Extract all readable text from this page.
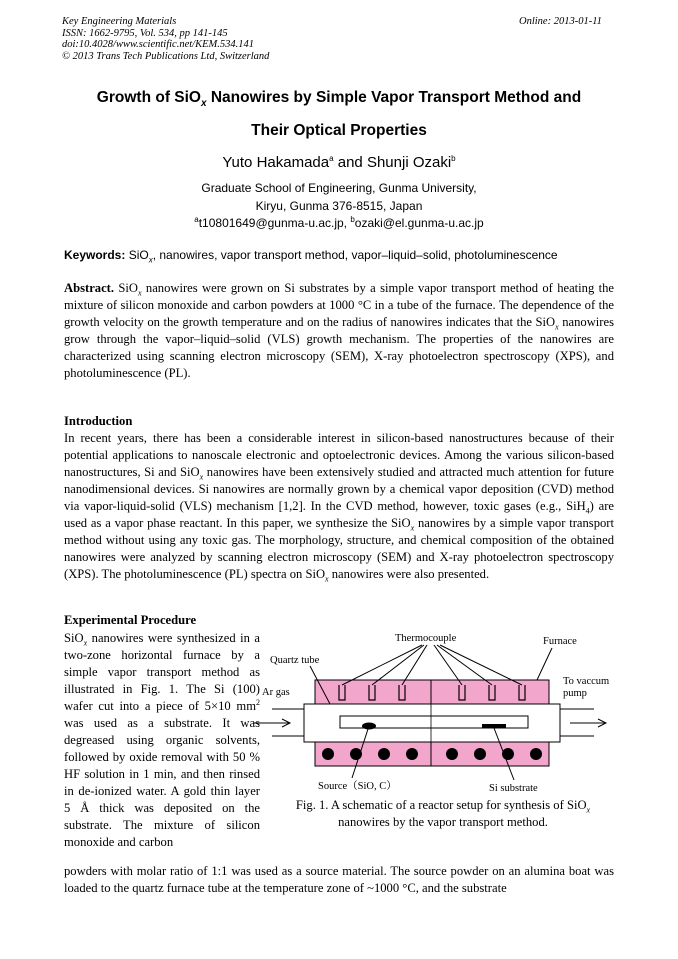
Key Engineering Materials
ISSN: 1662-9795, Vol. 534, pp 141-145
doi:10.4028/www.scientific.net/KEM.534.141
© 2013 Trans Tech Publications Ltd, Switzerland
Online: 2013-01-11
Growth of SiO$_x$ Nanowires by Simple Vapor Transport Method and
Their Optical Properties
Yuto Hakamada$^a$ and Shunji Ozaki$^b$
Graduate School of Engineering, Gunma University,
Kiryu, Gunma 376-8515, Japan
$^a$t10801649@gunma-u.ac.jp, $^b$ozaki@el.gunma-u.ac.jp
Keywords: SiO$_x$, nanowires, vapor transport method, vapor–liquid–solid, photoluminescence
Abstract. SiO$_x$ nanowires were grown on Si substrates by a simple vapor transport method of heating the mixture of silicon monoxide and carbon powders at 1000 °C in a tube of the furnace. The dependence of the growth velocity on the growth temperature and on the radius of nanowires indicates that the SiO$_x$ nanowires grow through the vapor–liquid–solid (VLS) growth mechanism. The properties of the nanowires are characterized using scanning electron microscopy (SEM), X-ray photoelectron spectroscopy (XPS), and photoluminescence (PL).
Introduction
In recent years, there has been a considerable interest in silicon-based nanostructures because of their potential applications to nanoscale electronic and optoelectronic devices. Among the various silicon-based nanostructures, Si and SiO$_x$ nanowires have been extensively studied and attracted much attention for future nanodimensional devices. Si nanowires are normally grown by a chemical vapor deposition (CVD) method via vapor-liquid-solid (VLS) mechanism [1,2]. In the CVD method, however, toxic gases (e.g., SiH$_4$) are used as a vapor phase reactant. In this paper, we synthesize the SiO$_x$ nanowires by a simple vapor transport method without using any toxic gas. The morphology, structure, and chemical composition of the obtained nanowires were analyzed by scanning electron microscopy (SEM) and X-ray photoelectron spectroscopy (XPS). The photoluminescence (PL) spectra on SiO$_x$ nanowires were also presented.
Experimental Procedure
SiO$_x$ nanowires were synthesized in a two-zone horizontal furnace by a simple vapor transport method as illustrated in Fig. 1. The Si (100) wafer cut into a piece of 5×10 $mm^2$ was used as a substrate. It was degreased using organic solvents, followed by oxide removal with 50 % HF solution in 1 min, and then rinsed in de-ionized water. A gold thin layer 5 Å thick was deposited on the substrate. The mixture of silicon monoxide and carbon
powders with molar ratio of 1:1 was used as a source material. The source powder on an alumina boat was loaded to the quartz furnace tube at the temperature zone of ~1000 °C, and the substrate
Thermocouple	Furnace
Quartz tube
Ar gas
To vaccum
pump
Source（SiO, C）	Si substrate
Fig. 1. A schematic of a reactor setup for synthesis of SiO$_x$ nanowires by the vapor transport method.
